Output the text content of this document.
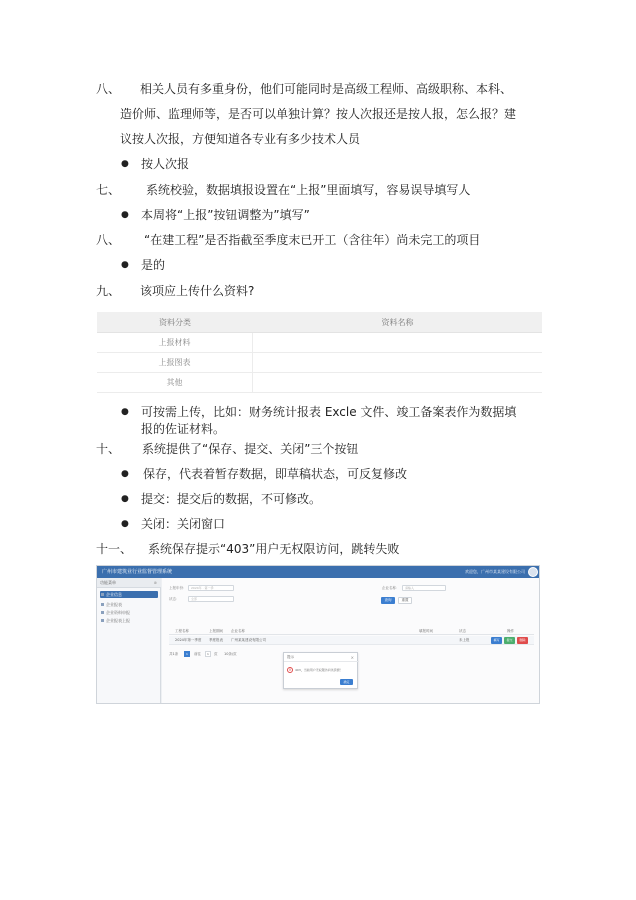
八、 相关人员有多重身份，他们可能同时是高级工程师、高级职称、本科、
造价师、监理师等，是否可以单独计算？按人次报还是按人报，怎么报？建
议按人次报，方便知道各专业有多少技术人员
● 按人次报
七、 系统校验，数据填报设置在“上报”里面填写，容易误导填写人
● 本周将“上报”按钮调整为”填写”
八、 “在建工程”是否指截至季度末已开工（含往年）尚未完工的项目
● 是的
九、 该项应上传什么资料?
资料分类	资料名称
上报材料
上报图表
其他
● 可按需上传，比如：财务统计报表 Excle 文件、竣工备案表作为数据填
报的佐证材料。
十、 系统提供了“保存、提交、关闭”三个按钮
● 保存，代表着暂存数据，即草稿状态，可反复修改
● 提交：提交后的数据，不可修改。
● 关闭：关闭窗口
十一、 系统保存提示“403”用户无权限访问，跳转失败
广州市建筑业行业监督管理系统	欢迎您，广州市某某建设有限公司
功能菜单	⊗
企业信息
企业报表
企业资料申报
企业报表上报
上报年份：	2024年 · 第一季	企业名称：	请输入
状态：	全部	查询	重置
工程名称	上报期间 企业名称	填报时间	状态	操作
2024年第一季度 季度报表 广州某某建设有限公司	未上报	填写	提交	删除
共1条	1	前往	1	页 10条/页
提示	×
×	403，当前用户无权限访问该资源！
确定
